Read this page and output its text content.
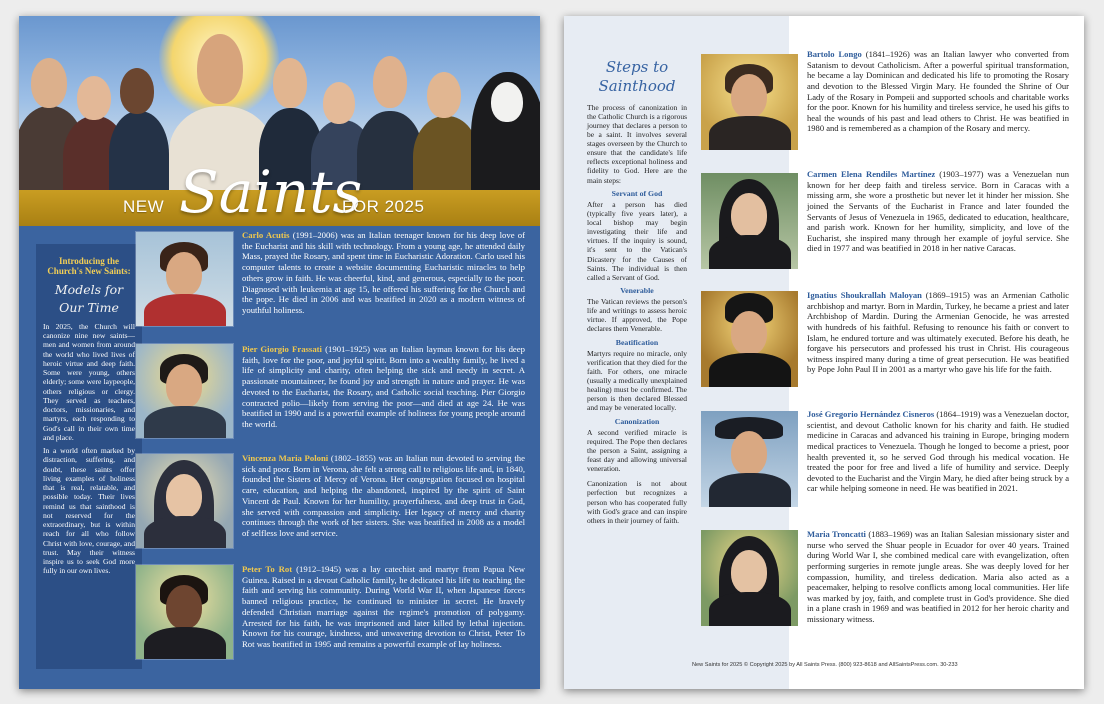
NEW Saints
FOR 2025
Introducing the Church's New Saints:
Models for Our Time

In 2025, the Church will canonize nine new saints—men and women from around the world who lived lives of heroic virtue and deep faith. Some were young, others elderly; some were laypeople, others religious or clergy. They served as teachers, doctors, missionaries, and martyrs, each responding to God's call in their own time and place.

In a world often marked by distraction, suffering, and doubt, these saints offer living examples of holiness that is real, relatable, and possible today. Their lives remind us that sainthood is not reserved for the extraordinary, but is within reach for all who follow Christ with love, courage, and trust. May their witness inspire us to seek God more fully in our own lives.

Carlo Acutis (1991–2006) was an Italian teenager known for his deep love of the Eucharist and his skill with technology. From a young age, he attended daily Mass, prayed the Rosary, and spent time in Eucharistic Adoration. Carlo used his computer talents to create a website documenting Eucharistic miracles to help others grow in faith. He was cheerful, kind, and generous, especially to the poor. Diagnosed with leukemia at age 15, he offered his suffering for the Church and the pope. He died in 2006 and was beatified in 2020 as a modern witness of youthful holiness.

Pier Giorgio Frassati (1901–1925) was an Italian layman known for his deep faith, love for the poor, and joyful spirit. Born into a wealthy family, he lived a life of simplicity and charity, often helping the sick and needy in secret. A passionate mountaineer, he found joy and strength in nature and prayer. He was devoted to the Eucharist, the Rosary, and Catholic social teaching. Pier Giorgio contracted polio—likely from serving the poor—and died at age 24. He was beatified in 1990 and is a powerful example of holiness for young people around the world.

Vincenza Maria Poloni (1802–1855) was an Italian nun devoted to serving the sick and poor. Born in Verona, she felt a strong call to religious life and, in 1840, founded the Sisters of Mercy of Verona. Her congregation focused on hospital care, education, and helping the abandoned, inspired by the spirit of Saint Vincent de Paul. Known for her humility, prayerfulness, and deep trust in God, she served with compassion and simplicity. Her legacy of mercy and charity continues through the work of her sisters. She was beatified in 2008 as a model of selfless love and service.

Peter To Rot (1912–1945) was a lay catechist and martyr from Papua New Guinea. Raised in a devout Catholic family, he dedicated his life to teaching the faith and serving his community. During World War II, when Japanese forces banned religious practice, he continued to minister in secret. He bravely defended Christian marriage against the regime's promotion of polygamy. Arrested for his faith, he was imprisoned and later killed by lethal injection. Known for his courage, kindness, and unwavering devotion to Christ, Peter To Rot was beatified in 1995 and remains a powerful example of lay holiness.

Steps to Sainthood

The process of canonization in the Catholic Church is a rigorous journey that declares a person to be a saint. It involves several stages overseen by the Church to ensure that the candidate's life reflects exceptional holiness and fidelity to God. Here are the main steps:

Servant of God

After a person has died (typically five years later), a local bishop may begin investigating their life and virtues. If the inquiry is sound, it's sent to the Vatican's Dicastery for the Causes of Saints. The individual is then called a Servant of God.

Venerable

The Vatican reviews the person's life and writings to assess heroic virtue. If approved, the Pope declares them Venerable.

Beatification

Martyrs require no miracle, only verification that they died for the faith. For others, one miracle (usually a medically unexplained healing) must be confirmed. The person is then declared Blessed and may be venerated locally.

Canonization

A second verified miracle is required. The Pope then declares the person a Saint, assigning a feast day and allowing universal veneration.

Canonization is not about perfection but recognizes a person who has cooperated fully with God's grace and can inspire others in their journey of faith.

Bartolo Longo (1841–1926) was an Italian lawyer who converted from Satanism to devout Catholicism. After a powerful spiritual transformation, he became a lay Dominican and dedicated his life to promoting the Rosary and devotion to the Blessed Virgin Mary. He founded the Shrine of Our Lady of the Rosary in Pompeii and supported schools and charitable works for the poor. Known for his humility and tireless service, he used his gifts to heal the wounds of his past and lead others to Christ. He was beatified in 1980 and is remembered as a champion of the Rosary and mercy.

Carmen Elena Rendiles Martínez (1903–1977) was a Venezuelan nun known for her deep faith and tireless service. Born in Caracas with a missing arm, she wore a prosthetic but never let it hinder her mission. She joined the Servants of the Eucharist in France and later founded the Servants of Jesus of Venezuela in 1965, dedicated to education, healthcare, and parish work. Known for her humility, simplicity, and love of the Eucharist, she inspired many through her example of joyful service. She died in 1977 and was beatified in 2018 in her native Caracas.

Ignatius Shoukrallah Maloyan (1869–1915) was an Armenian Catholic archbishop and martyr. Born in Mardin, Turkey, he became a priest and later Archbishop of Mardin. During the Armenian Genocide, he was arrested with hundreds of his faithful. Refusing to renounce his faith or convert to Islam, he endured torture and was ultimately executed. Before his death, he forgave his persecutors and professed his trust in Christ. His courageous witness inspired many during a time of great persecution. He was beatified by Pope John Paul II in 2001 as a martyr who gave his life for the faith.

José Gregorio Hernández Cisneros (1864–1919) was a Venezuelan doctor, scientist, and devout Catholic known for his charity and faith. He studied medicine in Caracas and advanced his training in Europe, bringing modern medical practices to Venezuela. Though he longed to become a priest, poor health prevented it, so he served God through his medical vocation. He treated the poor for free and lived a life of humility and service. Deeply devoted to the Eucharist and the Virgin Mary, he died after being struck by a car while helping someone in need. He was beatified in 2021.

Maria Troncatti (1883–1969) was an Italian Salesian missionary sister and nurse who served the Shuar people in Ecuador for over 40 years. Trained during World War I, she combined medical care with evangelization, often performing surgeries in remote jungle areas. She was deeply loved for her compassion, humility, and tireless dedication. Maria also acted as a peacemaker, helping to resolve conflicts among local communities. Her life was marked by joy, faith, and complete trust in God's providence. She died in a plane crash in 1969 and was beatified in 2012 for her heroic charity and missionary witness.

New Saints for 2025 © Copyright 2025 by All Saints Press. (800) 923-8618 and AllSaintsPress.com. 30-233
